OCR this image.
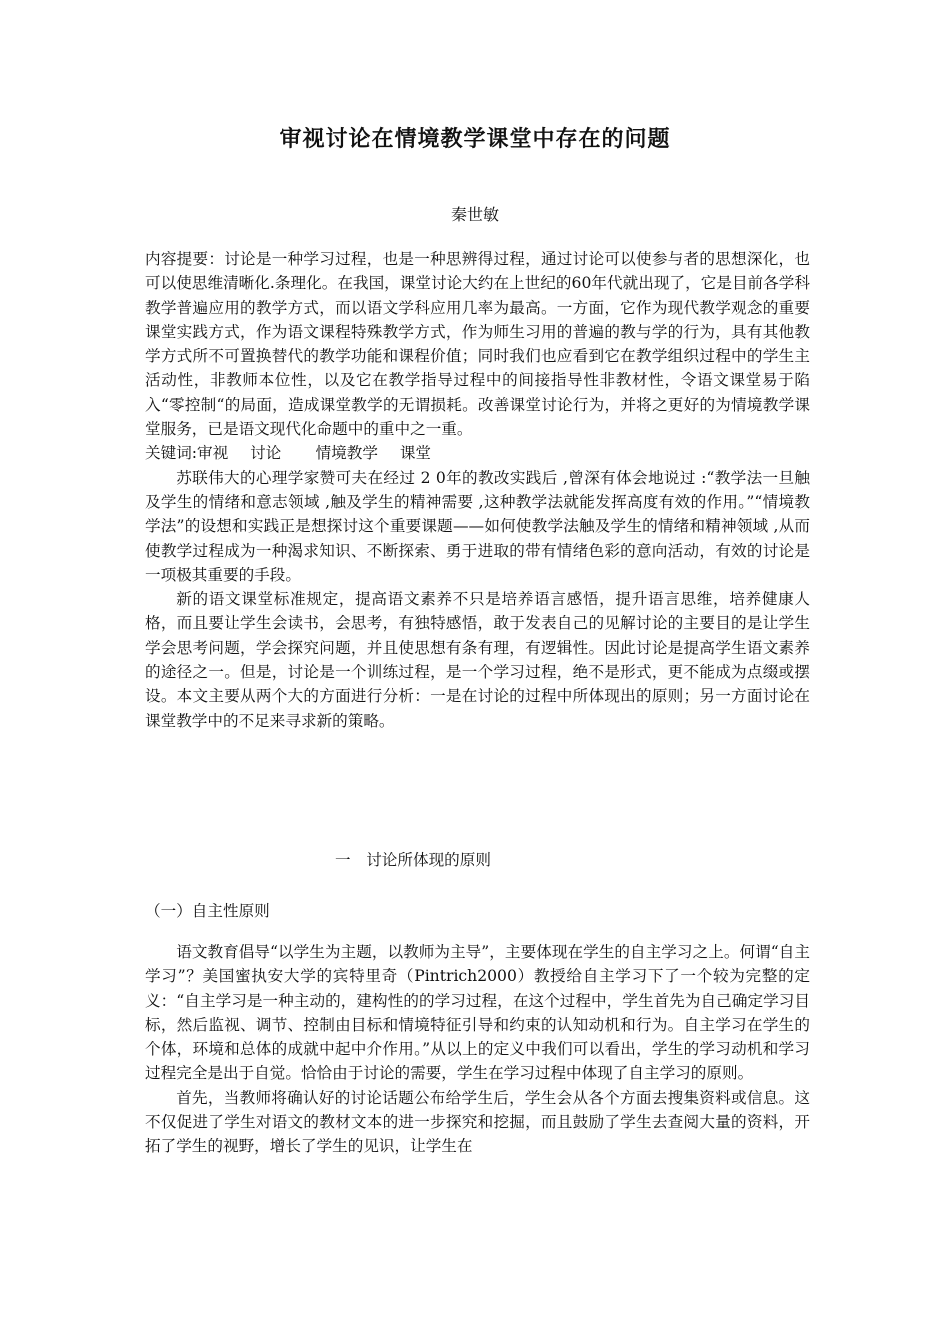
审视讨论在情境教学课堂中存在的问题
秦世敏

内容提要：讨论是一种学习过程，也是一种思辨得过程，通过讨论可以使参与者的思想深化，也可以使思维清晰化.条理化。在我国，课堂讨论大约在上世纪的60年代就出现了，它是目前各学科教学普遍应用的教学方式，而以语文学科应用几率为最高。一方面，它作为现代教学观念的重要课堂实践方式，作为语文课程特殊教学方式，作为师生习用的普遍的教与学的行为，具有其他教学方式所不可置换替代的教学功能和课程价值；同时我们也应看到它在教学组织过程中的学生主活动性，非教师本位性，以及它在教学指导过程中的间接指导性非教材性，令语文课堂易于陷入“零控制“的局面，造成课堂教学的无谓损耗。改善课堂讨论行为，并将之更好的为情境教学课堂服务，已是语文现代化命题中的重中之一重。

关键词:审视 讨论 情境教学 课堂

苏联伟大的心理学家赞可夫在经过 2 0年的教改实践后 ,曾深有体会地说过 :“教学法一旦触及学生的情绪和意志领域 ,触及学生的精神需要 ,这种教学法就能发挥高度有效的作用。”“情境教学法”的设想和实践正是想探讨这个重要课题——如何使教学法触及学生的情绪和精神领域 ,从而使教学过程成为一种渴求知识、不断探索、勇于进取的带有情绪色彩的意向活动，有效的讨论是一项极其重要的手段。

新的语文课堂标准规定，提高语文素养不只是培养语言感悟，提升语言思维，培养健康人格，而且要让学生会读书，会思考，有独特感悟，敢于发表自己的见解讨论的主要目的是让学生学会思考问题，学会探究问题，并且使思想有条有理，有逻辑性。因此讨论是提高学生语文素养的途径之一。但是，讨论是一个训练过程，是一个学习过程，绝不是形式，更不能成为点缀或摆设。本文主要从两个大的方面进行分析：一是在讨论的过程中所体现出的原则；另一方面讨论在课堂教学中的不足来寻求新的策略。

一　讨论所体现的原则
（一）自主性原则

语文教育倡导“以学生为主题，以教师为主导”，主要体现在学生的自主学习之上。何谓“自主学习”？美国蜜执安大学的宾特里奇（Pintrich2000）教授给自主学习下了一个较为完整的定义：“自主学习是一种主动的，建构性的的学习过程，在这个过程中，学生首先为自己确定学习目标，然后监视、调节、控制由目标和情境特征引导和约束的认知动机和行为。自主学习在学生的个体，环境和总体的成就中起中介作用。”从以上的定义中我们可以看出，学生的学习动机和学习过程完全是出于自觉。恰恰由于讨论的需要，学生在学习过程中体现了自主学习的原则。

首先，当教师将确认好的讨论话题公布给学生后，学生会从各个方面去搜集资料或信息。这不仅促进了学生对语文的教材文本的进一步探究和挖掘，而且鼓励了学生去查阅大量的资料，开拓了学生的视野，增长了学生的见识，让学生在
